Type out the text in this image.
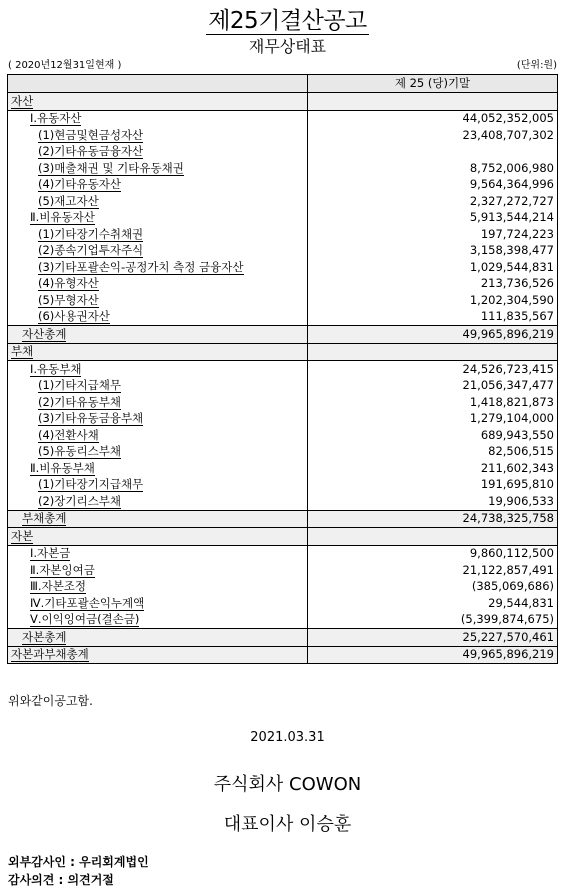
제25기결산공고
재무상태표
( 2020년12월31일현재 )	(단위:원)
	제 25 (당)기말
자산	
Ⅰ.유동자산	44,052,352,005
(1)현금및현금성자산	23,408,707,302
(2)기타유동금융자산	
(3)매출채권 및 기타유동채권	8,752,006,980
(4)기타유동자산	9,564,364,996
(5)재고자산	2,327,272,727
Ⅱ.비유동자산	5,913,544,214
(1)기타장기수취채권	197,724,223
(2)종속기업투자주식	3,158,398,477
(3)기타포괄손익-공정가치 측정 금융자산	1,029,544,831
(4)유형자산	213,736,526
(5)무형자산	1,202,304,590
(6)사용권자산	111,835,567
자산총계	49,965,896,219
부채	
Ⅰ.유동부채	24,526,723,415
(1)기타지급채무	21,056,347,477
(2)기타유동부채	1,418,821,873
(3)기타유동금융부채	1,279,104,000
(4)전환사채	689,943,550
(5)유동리스부채	82,506,515
Ⅱ.비유동부채	211,602,343
(1)기타장기지급채무	191,695,810
(2)장기리스부채	19,906,533
부채총계	24,738,325,758
자본	
Ⅰ.자본금	9,860,112,500
Ⅱ.자본잉여금	21,122,857,491
Ⅲ.자본조정	(385,069,686)
Ⅳ.기타포괄손익누계액	29,544,831
Ⅴ.이익잉여금(결손금)	(5,399,874,675)
자본총계	25,227,570,461
자본과부채총계	49,965,896,219
위와같이공고함.
2021.03.31
주식회사 COWON
대표이사 이승훈
외부감사인 : 우리회계법인
감사의견 : 의견거절
